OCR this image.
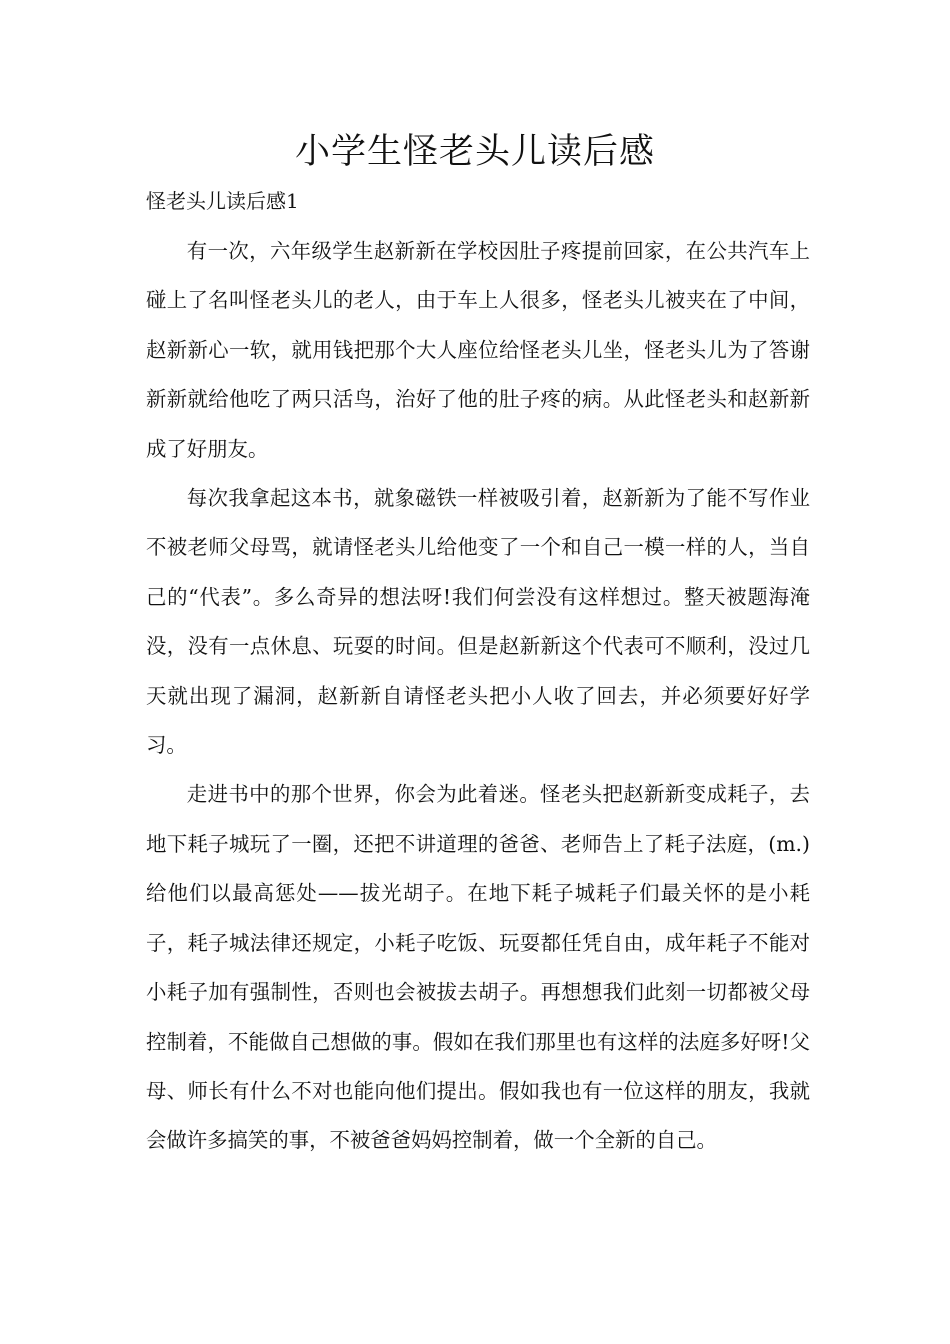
小学生怪老头儿读后感
怪老头儿读后感1

有一次，六年级学生赵新新在学校因肚子疼提前回家，在公共汽车上碰上了名叫怪老头儿的老人，由于车上人很多，怪老头儿被夹在了中间，赵新新心一软，就用钱把那个大人座位给怪老头儿坐，怪老头儿为了答谢新新就给他吃了两只活鸟，治好了他的肚子疼的病。从此怪老头和赵新新成了好朋友。

每次我拿起这本书，就象磁铁一样被吸引着，赵新新为了能不写作业不被老师父母骂，就请怪老头儿给他变了一个和自己一模一样的人，当自己的“代表”。多么奇异的想法呀!我们何尝没有这样想过。整天被题海淹没，没有一点休息、玩耍的时间。但是赵新新这个代表可不顺利，没过几天就出现了漏洞，赵新新自请怪老头把小人收了回去，并必须要好好学习。

走进书中的那个世界，你会为此着迷。怪老头把赵新新变成耗子，去地下耗子城玩了一圈，还把不讲道理的爸爸、老师告上了耗子法庭，(m.)给他们以最高惩处——拔光胡子。在地下耗子城耗子们最关怀的是小耗子，耗子城法律还规定，小耗子吃饭、玩耍都任凭自由，成年耗子不能对小耗子加有强制性，否则也会被拔去胡子。再想想我们此刻一切都被父母控制着，不能做自己想做的事。假如在我们那里也有这样的法庭多好呀!父母、师长有什么不对也能向他们提出。假如我也有一位这样的朋友，我就会做许多搞笑的事，不被爸爸妈妈控制着，做一个全新的自己。
